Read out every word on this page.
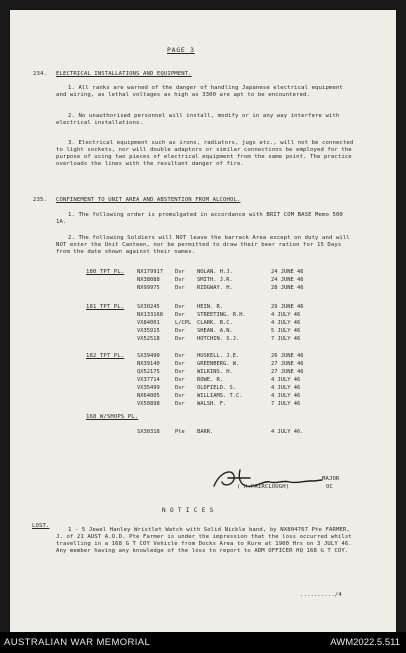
PAGE 3
234. ELECTRICAL INSTALLATIONS AND EQUIPMENT.
1. All ranks are warned of the danger of handling Japanese electrical equipment and wiring, as lethal voltages as high as 3300 are apt to be encountered.
2. No unauthorised personnel will install, modify or in any way interfere with electrical installations.
3. Electrical equipment such as irons, radiators, jugs etc., will not be connected to light sockets, nor will double adaptors or similar connections be employed for the purpose of using two pieces of electrical equipment from the same point. The practice overloads the lines with the resultant danger of fire.
235. CONFINEMENT TO UNIT AREA AND ABSTENTION FROM ALCOHOL.
1. The following order is promulgated in accordance with BRIT COM BASE Memo 500 1A.
2. The following Soldiers will NOT leave the barrack Area except on duty and will NOT enter the Unit Canteen, nor be permitted to draw their beer ration for 15 Days from the date shown against their names.
180 TPT PL. NX179917 Dvr NOLAN. H.J.	24 JUNE 46
NX38088	Dvr SMITH. J.R.	24 JUNE 46
NX99975	Dvr RIDGWAY. H.	28 JUNE 46
181 TPT PL. SX30245	Dvr HEIN. R.	29 JUNE 46
NX133168 Dvr STREETING. R.H.	4 JULY 46
VX84001	L/CPL CLARK. B.C.	4 JULY 46
VX35915	Dvr SHEAN. A.N.	5 JULY 46
VX52518	Dvr HOTCHIN. S.J.	7 JULY 46
182 TPT PL. SX39490	Dvr HUSKELL. J.E.	26 JUNE 46
NX39140	Dvr GREENBERG. W.	27 JUNE 46
QX52175	Dvr WILKINS. H.	27 JUNE 46
VX37714	Dvr ROWE. R.	4 JULY 46
VX35499	Dvr OLDFIELD. S.	4 JULY 46
NX64005	Dvr WILLIAMS. T.C.	4 JULY 46
VX50898	Dvr WALSH. F.	7 JULY 46
168 W/SHOPS PL.
SX30318	Pte BARR.	4 JULY 46.
MAJOR
( H.FAIRCLOUGH)	OC
N O T I C E S
LOST.
1 - 5 Jewel Hanley Wristlet Watch with Solid Nickle band, by NX804767 Pte FARMER, J. of 21 AUST A.O.D. Pte Farmer is under the impression that the loss occurred whilst travelling in a 168 G T COY Vehicle from Docks Area to Kure at 1900 Hrs on 3 JULY 46. Any member having any knowledge of the loss to report to ADM OFFICER HQ 168 G T COY.
........../4
AUSTRALIAN WAR MEMORIAL	AWM2022.5.511
